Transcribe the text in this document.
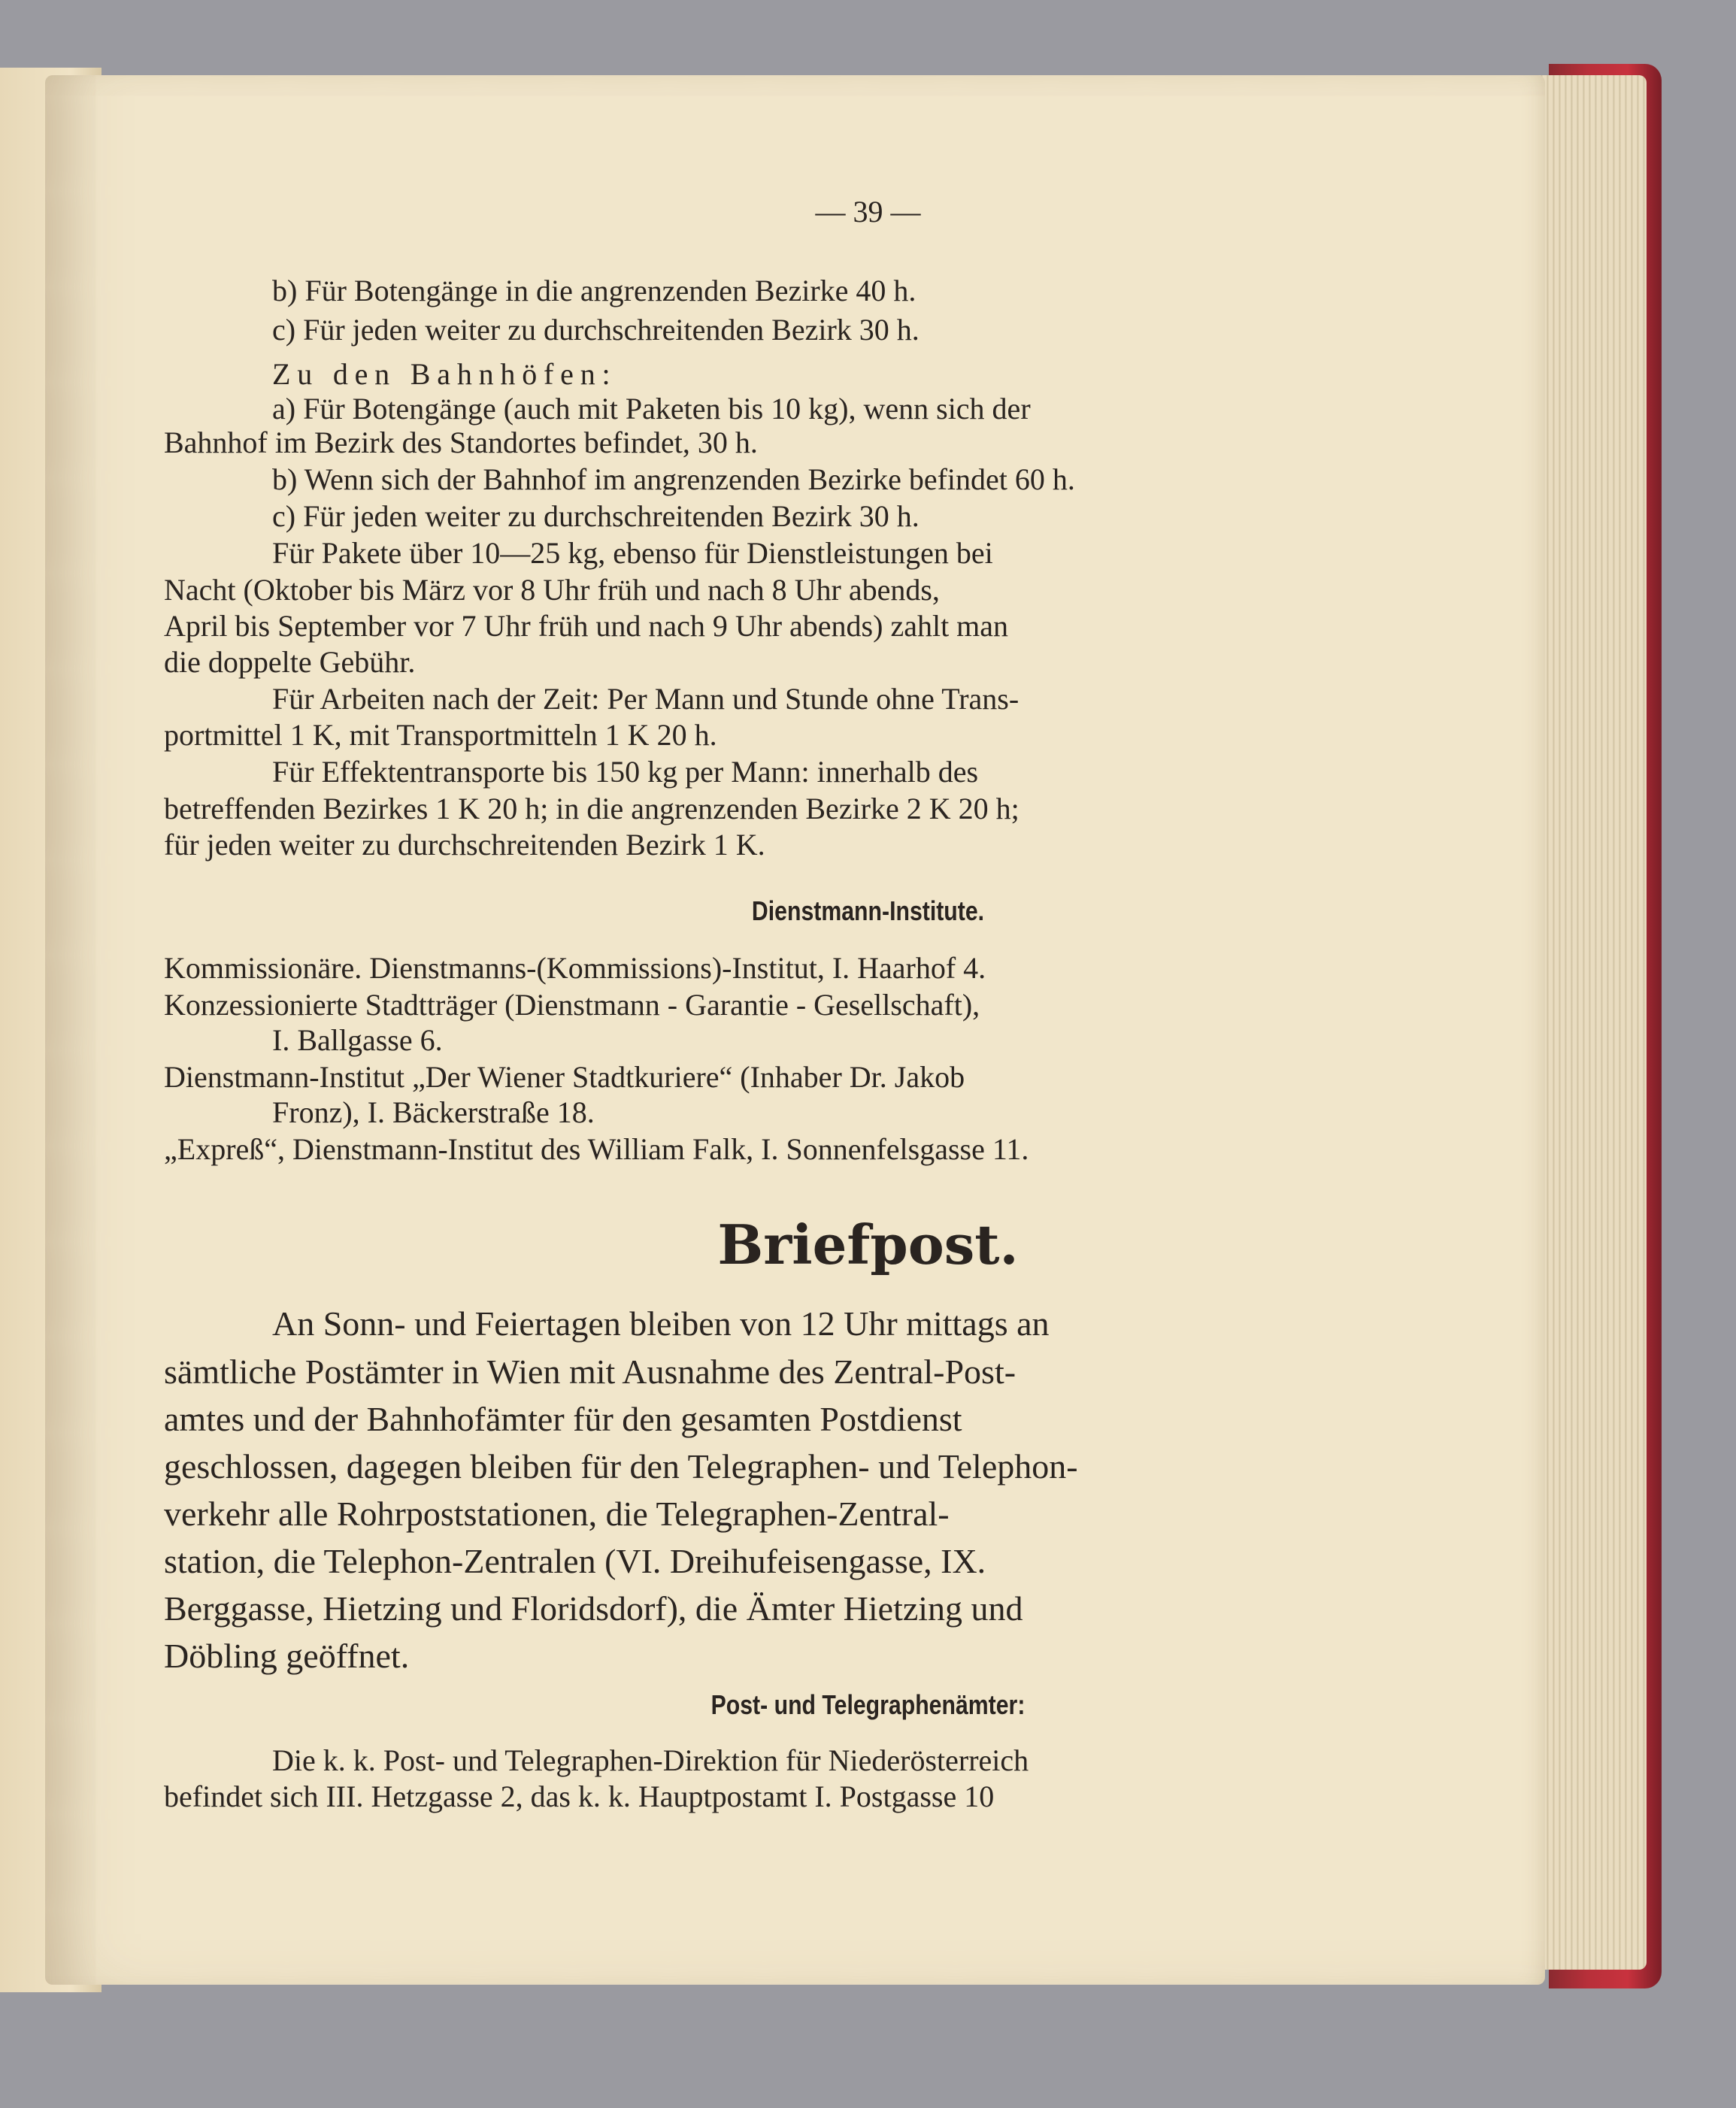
— 39 —
b) Für Botengänge in die angrenzenden Bezirke 40 h.
c) Für jeden weiter zu durchschreitenden Bezirk 30 h.
Zu den Bahnhöfen:
a) Für Botengänge (auch mit Paketen bis 10 kg), wenn sich der
Bahnhof im Bezirk des Standortes befindet, 30 h.
b) Wenn sich der Bahnhof im angrenzenden Bezirke befindet 60 h.
c) Für jeden weiter zu durchschreitenden Bezirk 30 h.
Für Pakete über 10—25 kg, ebenso für Dienstleistungen bei
Nacht (Oktober bis März vor 8 Uhr früh und nach 8 Uhr abends,
April bis September vor 7 Uhr früh und nach 9 Uhr abends) zahlt man
die doppelte Gebühr.
Für Arbeiten nach der Zeit: Per Mann und Stunde ohne Trans-
portmittel 1 K, mit Transportmitteln 1 K 20 h.
Für Effektentransporte bis 150 kg per Mann: innerhalb des
betreffenden Bezirkes 1 K 20 h; in die angrenzenden Bezirke 2 K 20 h;
für jeden weiter zu durchschreitenden Bezirk 1 K.
Dienstmann-Institute.
Kommissionäre. Dienstmanns-(Kommissions)-Institut, I. Haarhof 4.
Konzessionierte Stadtträger (Dienstmann - Garantie - Gesellschaft),
I. Ballgasse 6.
Dienstmann-Institut „Der Wiener Stadtkuriere“ (Inhaber Dr. Jakob
Fronz), I. Bäckerstraße 18.
„Expreß“, Dienstmann-Institut des William Falk, I. Sonnenfelsgasse 11.
Briefpost.
An Sonn- und Feiertagen bleiben von 12 Uhr mittags an
sämtliche Postämter in Wien mit Ausnahme des Zentral-Post-
amtes und der Bahnhofämter für den gesamten Postdienst
geschlossen, dagegen bleiben für den Telegraphen- und Telephon-
verkehr alle Rohrpoststationen, die Telegraphen-Zentral-
station, die Telephon-Zentralen (VI. Dreihufeisengasse, IX.
Berggasse, Hietzing und Floridsdorf), die Ämter Hietzing und
Döbling geöffnet.
Post- und Telegraphenämter:
Die k. k. Post- und Telegraphen-Direktion für Niederösterreich
befindet sich III. Hetzgasse 2, das k. k. Hauptpostamt I. Postgasse 10
